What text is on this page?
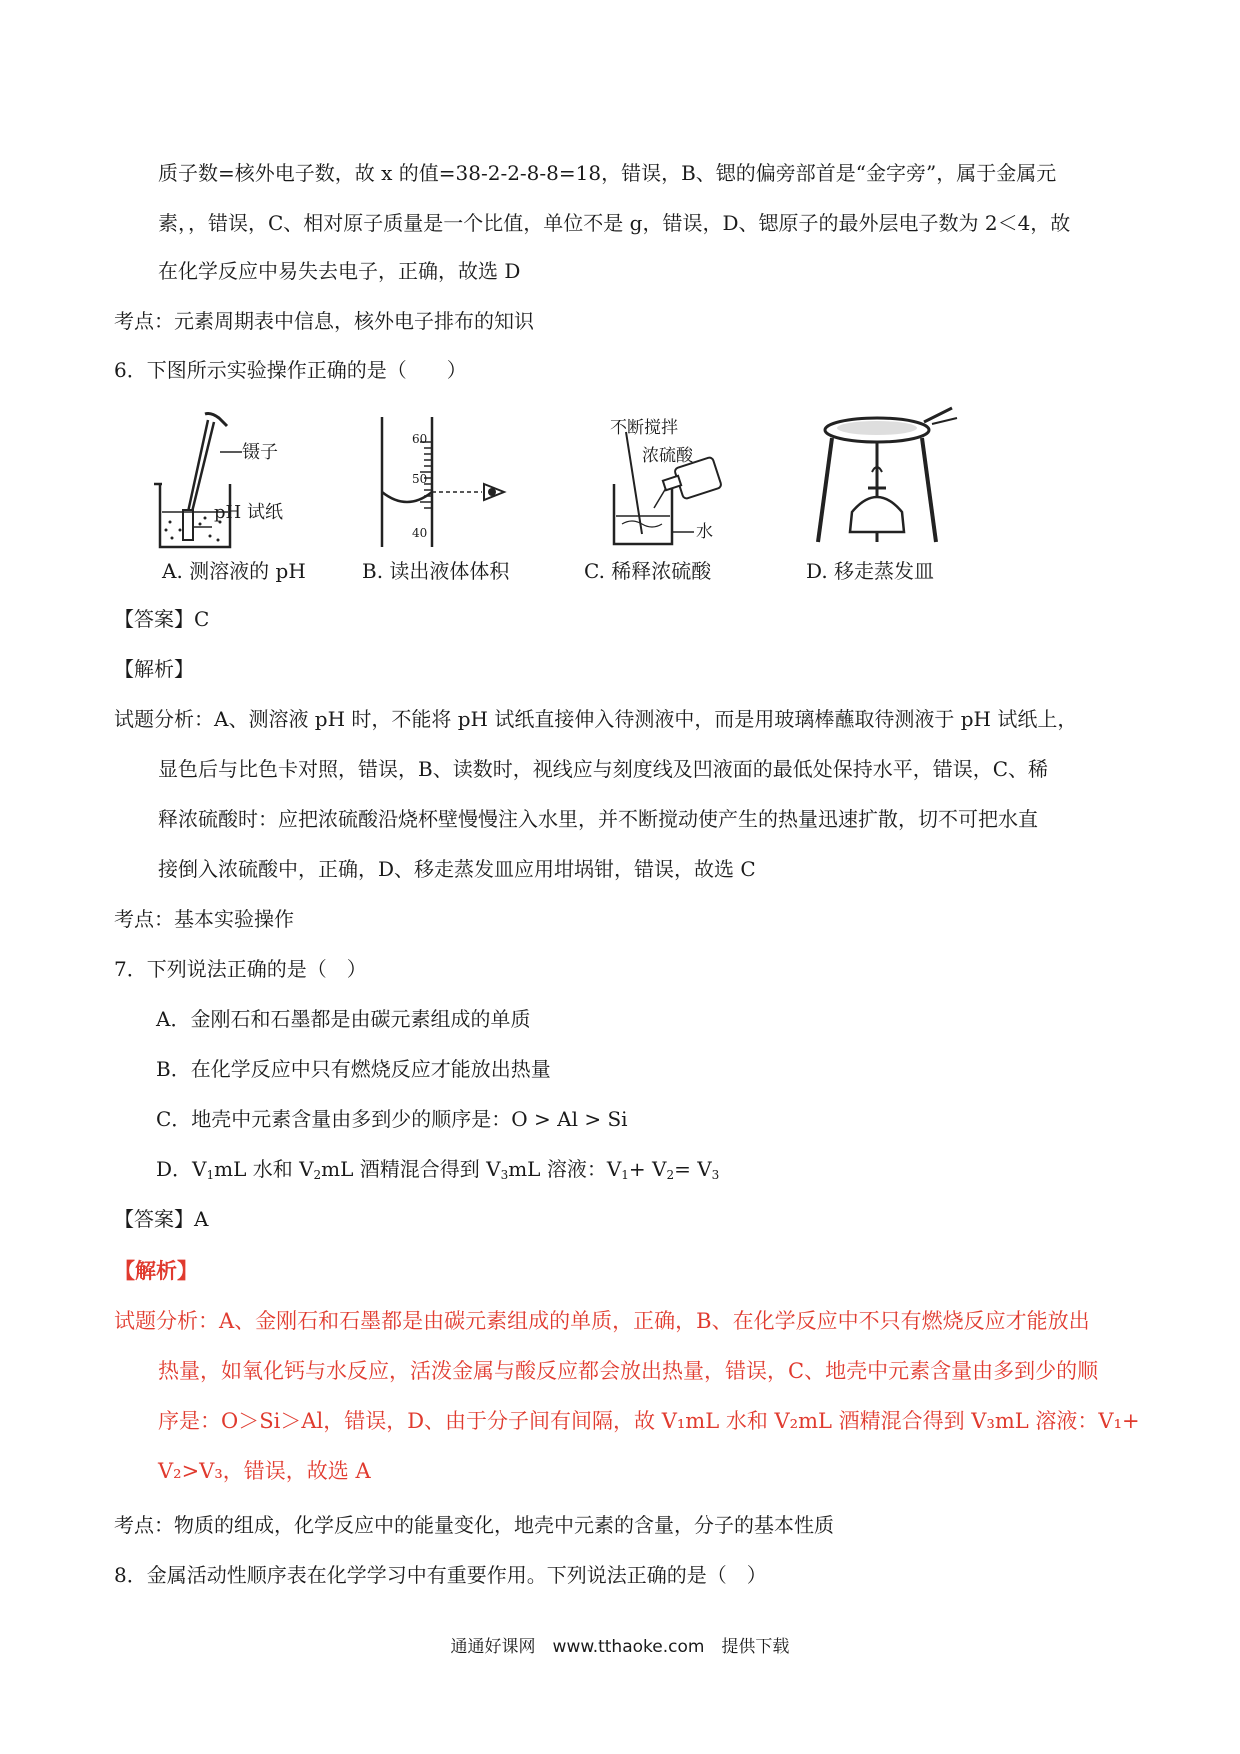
质子数=核外电子数，故 x 的值=38-2-2-8-8=18，错误，B、锶的偏旁部首是“金字旁”，属于金属元
素，，错误，C、相对原子质量是一个比值，单位不是 g，错误，D、锶原子的最外层电子数为 2＜4，故
在化学反应中易失去电子，正确，故选 D
考点：元素周期表中信息，核外电子排布的知识
6．下图所示实验操作正确的是（　　）
镊子
pH 试纸
A. 测溶液的 pH
60
50
40
B. 读出液体体积
不断搅拌
浓硫酸
水
C. 稀释浓硫酸	D. 移走蒸发皿
【答案】C
【解析】
试题分析：A、测溶液 pH 时，不能将 pH 试纸直接伸入待测液中，而是用玻璃棒蘸取待测液于 pH 试纸上，
显色后与比色卡对照，错误，B、读数时，视线应与刻度线及凹液面的最低处保持水平，错误，C、稀
释浓硫酸时：应把浓硫酸沿烧杯壁慢慢注入水里，并不断搅动使产生的热量迅速扩散，切不可把水直
接倒入浓硫酸中，正确，D、移走蒸发皿应用坩埚钳，错误，故选 C
考点：基本实验操作
7．下列说法正确的是（　）
A．金刚石和石墨都是由碳元素组成的单质
B．在化学反应中只有燃烧反应才能放出热量
C．地壳中元素含量由多到少的顺序是：O > Al > Si
D．$V_1mL$ 水和 $V_2mL$ 酒精混合得到 $V_3mL$ 溶液：$V_1+ V_2= V_3$
【答案】A
【解析】
试题分析：A、金刚石和石墨都是由碳元素组成的单质，正确，B、在化学反应中不只有燃烧反应才能放出
热量，如氧化钙与水反应，活泼金属与酸反应都会放出热量，错误，C、地壳中元素含量由多到少的顺
序是：O＞Si＞Al，错误，D、由于分子间有间隔，故 V₁mL 水和 V₂mL 酒精混合得到 V₃mL 溶液：V₁+
V₂>V₃，错误，故选 A
考点：物质的组成，化学反应中的能量变化，地壳中元素的含量，分子的基本性质
8．金属活动性顺序表在化学学习中有重要作用。下列说法正确的是（　）
通通好课网　www.tthaoke.com　提供下载
